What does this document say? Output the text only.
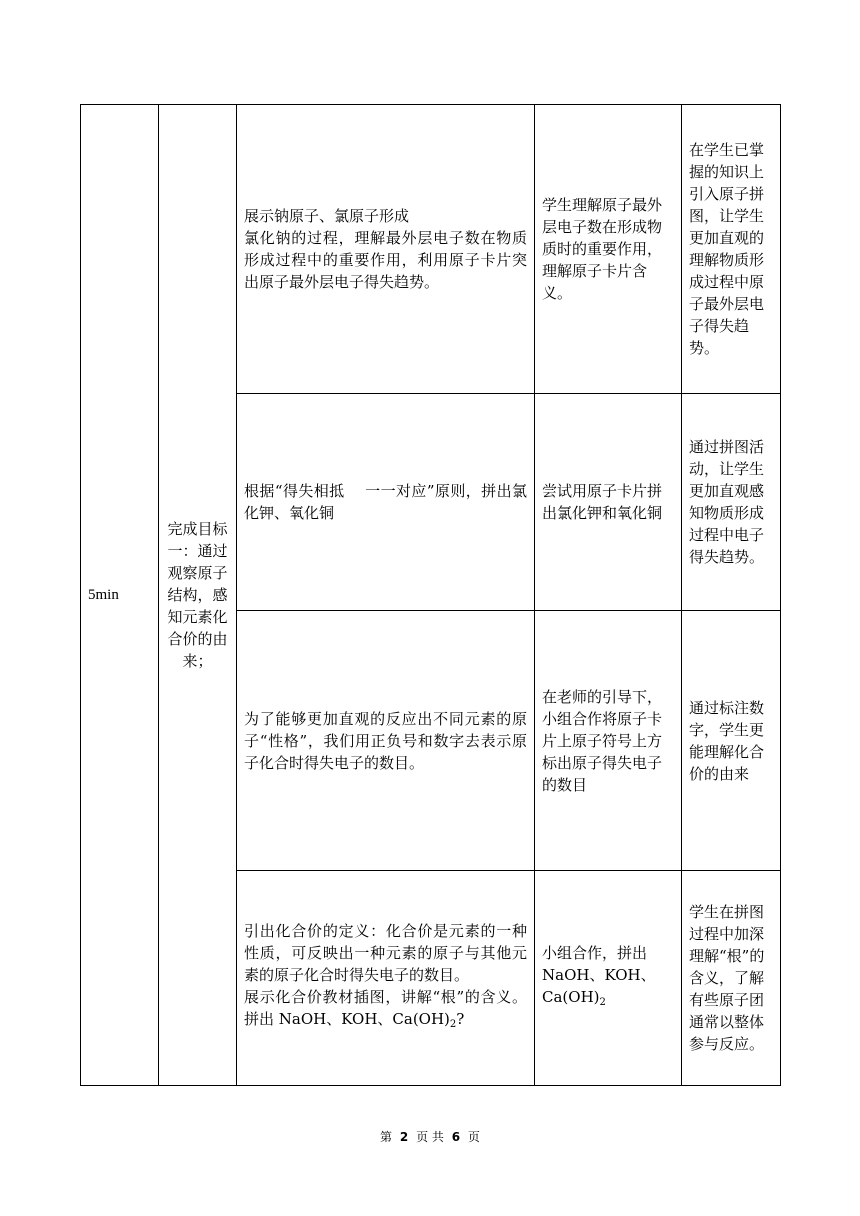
5min	完成目标一：通过观察原子结构，感知元素化合价的由来；	展示钠原子、氯原子形成
氯化钠的过程，理解最外层电子数在物质形成过程中的重要作用，利用原子卡片突出原子最外层电子得失趋势。	学生理解原子最外层电子数在形成物质时的重要作用，理解原子卡片含义。	在学生已掌握的知识上引入原子拼图，让学生更加直观的理解物质形成过程中原子最外层电子得失趋势。

		根据“得失相抵　 一一对应”原则，拼出氯化钾、氧化铜	尝试用原子卡片拼出氯化钾和氧化铜	通过拼图活动，让学生更加直观感知物质形成过程中电子得失趋势。

		为了能够更加直观的反应出不同元素的原子“性格”，我们用正负号和数字去表示原子化合时得失电子的数目。	在老师的引导下，小组合作将原子卡片上原子符号上方标出原子得失电子的数目	通过标注数字，学生更能理解化合价的由来

		引出化合价的定义：化合价是元素的一种性质，可反映出一种元素的原子与其他元素的原子化合时得失电子的数目。
展示化合价教材插图，讲解“根”的含义。拼出 NaOH、KOH、$Ca(OH)_2$?	小组合作，拼出
NaOH、KOH、
$Ca(OH)_2$	学生在拼图过程中加深理解“根”的含义，了解有些原子团通常以整体参与反应。
第 2 页 共 6 页
